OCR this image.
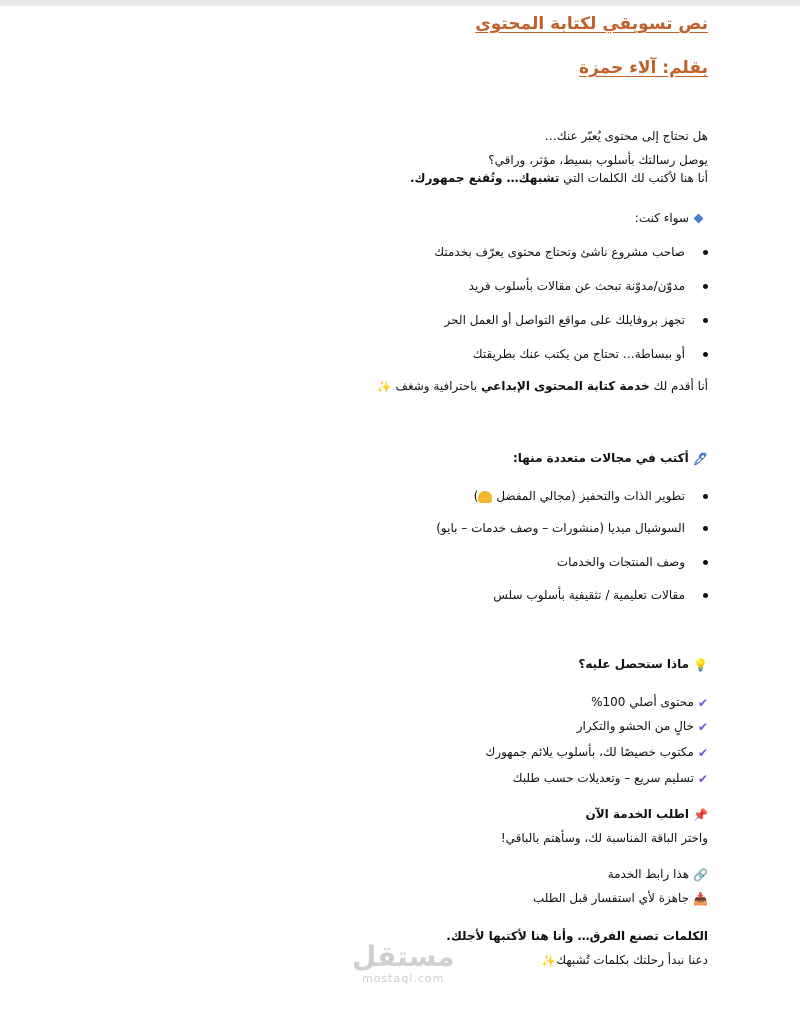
نص تسويقي لكتابة المحتوى
بقلم: آلاء حمزة
هل تحتاج إلى محتوى يُعبّر عنك…
يوصل رسالتك بأسلوب بسيط، مؤثر، وراقي؟
أنا هنا لأكتب لك الكلمات التي تشبهك… وتُقنع جمهورك.
سواء كنت:
صاحب مشروع ناشئ وتحتاج محتوى يعرّف بخدمتك
مدوّن/مدوّنة تبحث عن مقالات بأسلوب فريد
تجهز بروفايلك على مواقع التواصل أو العمل الحر
أو ببساطة… تحتاج من يكتب عنك بطريقتك
أنا أقدم لك خدمة كتابة المحتوى الإبداعي باحترافية وشغف ✨
🖊أكتب في مجالات متعددة منها:
تطوير الذات والتحفيز (مجالي المفضل)
السوشيال ميديا (منشورات – وصف خدمات – بايو)
وصف المنتجات والخدمات
مقالات تعليمية / تثقيفية بأسلوب سلس
💡ماذا ستحصل عليه؟
✔محتوى أصلي 100%
✔خالٍ من الحشو والتكرار
✔مكتوب خصيصًا لك، بأسلوب يلائم جمهورك
✔تسليم سريع – وتعديلات حسب طلبك
📌اطلب الخدمة الآن
واختر الباقة المناسبة لك، وسأهتم بالباقي!
🔗هذا رابط الخدمة
📥جاهزة لأي استفسار قبل الطلب
الكلمات تصنع الفرق… وأنا هنا لأكتبها لأجلك.
دعنا نبدأ رحلتك بكلمات تُشبهك✨
مستقل
mostaql.com
